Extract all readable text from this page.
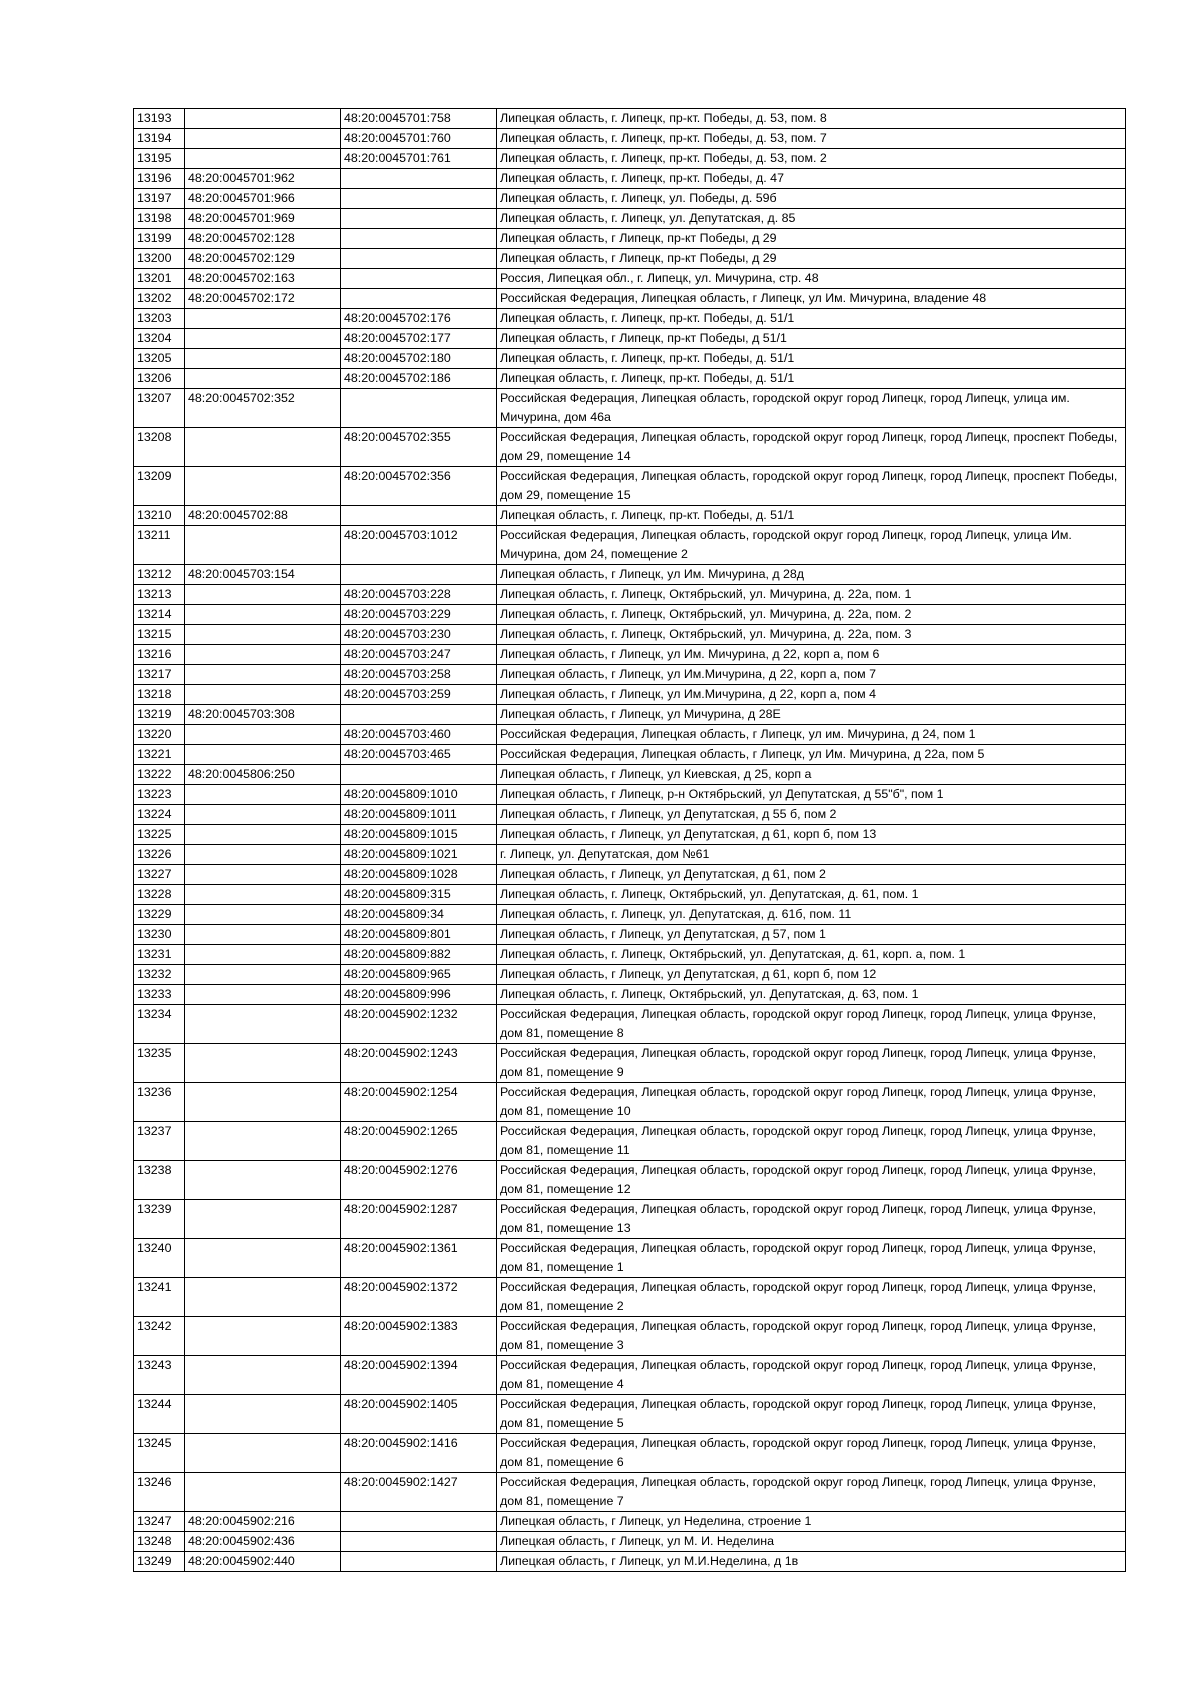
13193		48:20:0045701:758	Липецкая область, г. Липецк, пр-кт. Победы, д. 53, пом. 8
13194		48:20:0045701:760	Липецкая область, г. Липецк, пр-кт. Победы, д. 53, пом. 7
13195		48:20:0045701:761	Липецкая область, г. Липецк, пр-кт. Победы, д. 53, пом. 2
13196	48:20:0045701:962		Липецкая область, г. Липецк, пр-кт. Победы, д. 47
13197	48:20:0045701:966		Липецкая область, г. Липецк, ул. Победы, д. 59б
13198	48:20:0045701:969		Липецкая область, г. Липецк, ул. Депутатская, д. 85
13199	48:20:0045702:128		Липецкая область, г Липецк, пр-кт Победы, д 29
13200	48:20:0045702:129		Липецкая область, г Липецк, пр-кт Победы, д 29
13201	48:20:0045702:163		Россия, Липецкая обл., г. Липецк, ул. Мичурина, стр. 48
13202	48:20:0045702:172		Российская Федерация, Липецкая область, г Липецк, ул Им. Мичурина, владение 48
13203		48:20:0045702:176	Липецкая область, г. Липецк, пр-кт. Победы, д. 51/1
13204		48:20:0045702:177	Липецкая область, г Липецк, пр-кт Победы, д 51/1
13205		48:20:0045702:180	Липецкая область, г. Липецк, пр-кт. Победы, д. 51/1
13206		48:20:0045702:186	Липецкая область, г. Липецк, пр-кт. Победы, д. 51/1
13207	48:20:0045702:352		Российская Федерация, Липецкая область, городской округ город Липецк, город Липецк, улица им. Мичурина, дом 46а
13208		48:20:0045702:355	Российская Федерация, Липецкая область, городской округ город Липецк, город Липецк, проспект Победы, дом 29, помещение 14
13209		48:20:0045702:356	Российская Федерация, Липецкая область, городской округ город Липецк, город Липецк, проспект Победы, дом 29, помещение 15
13210	48:20:0045702:88		Липецкая область, г. Липецк, пр-кт. Победы, д. 51/1
13211		48:20:0045703:1012	Российская Федерация, Липецкая область, городской округ город Липецк, город Липецк, улица Им. Мичурина, дом 24, помещение 2
13212	48:20:0045703:154		Липецкая область, г Липецк, ул Им. Мичурина, д 28д
13213		48:20:0045703:228	Липецкая область, г. Липецк, Октябрьский, ул. Мичурина, д. 22а, пом. 1
13214		48:20:0045703:229	Липецкая область, г. Липецк, Октябрьский, ул. Мичурина, д. 22а, пом. 2
13215		48:20:0045703:230	Липецкая область, г. Липецк, Октябрьский, ул. Мичурина, д. 22а, пом. 3
13216		48:20:0045703:247	Липецкая область, г Липецк, ул Им. Мичурина, д 22, корп а, пом 6
13217		48:20:0045703:258	Липецкая область, г Липецк, ул Им.Мичурина, д 22, корп а, пом 7
13218		48:20:0045703:259	Липецкая область, г Липецк, ул Им.Мичурина, д 22, корп а, пом 4
13219	48:20:0045703:308		Липецкая область, г Липецк, ул Мичурина, д 28Е
13220		48:20:0045703:460	Российская Федерация, Липецкая область, г Липецк, ул им. Мичурина, д 24, пом 1
13221		48:20:0045703:465	Российская Федерация, Липецкая область, г Липецк, ул Им. Мичурина, д 22а, пом 5
13222	48:20:0045806:250		Липецкая область, г Липецк, ул Киевская, д 25, корп а
13223		48:20:0045809:1010	Липецкая область, г Липецк, р-н Октябрьский, ул Депутатская, д 55"б", пом 1
13224		48:20:0045809:1011	Липецкая область, г Липецк, ул Депутатская, д 55 б, пом 2
13225		48:20:0045809:1015	Липецкая область, г Липецк, ул Депутатская, д 61, корп б, пом 13
13226		48:20:0045809:1021	г. Липецк, ул. Депутатская, дом №61
13227		48:20:0045809:1028	Липецкая область, г Липецк, ул Депутатская, д 61, пом 2
13228		48:20:0045809:315	Липецкая область, г. Липецк, Октябрьский, ул. Депутатская, д. 61, пом. 1
13229		48:20:0045809:34	Липецкая область, г. Липецк, ул. Депутатская, д. 61б, пом. 11
13230		48:20:0045809:801	Липецкая область, г Липецк, ул Депутатская, д 57, пом 1
13231		48:20:0045809:882	Липецкая область, г. Липецк, Октябрьский, ул. Депутатская, д. 61, корп. а, пом. 1
13232		48:20:0045809:965	Липецкая область, г Липецк, ул Депутатская, д 61, корп б, пом 12
13233		48:20:0045809:996	Липецкая область, г. Липецк, Октябрьский, ул. Депутатская, д. 63, пом. 1
13234		48:20:0045902:1232	Российская Федерация, Липецкая область, городской округ город Липецк, город Липецк, улица Фрунзе, дом 81, помещение 8
13235		48:20:0045902:1243	Российская Федерация, Липецкая область, городской округ город Липецк, город Липецк, улица Фрунзе, дом 81, помещение 9
13236		48:20:0045902:1254	Российская Федерация, Липецкая область, городской округ город Липецк, город Липецк, улица Фрунзе, дом 81, помещение 10
13237		48:20:0045902:1265	Российская Федерация, Липецкая область, городской округ город Липецк, город Липецк, улица Фрунзе, дом 81, помещение 11
13238		48:20:0045902:1276	Российская Федерация, Липецкая область, городской округ город Липецк, город Липецк, улица Фрунзе, дом 81, помещение 12
13239		48:20:0045902:1287	Российская Федерация, Липецкая область, городской округ город Липецк, город Липецк, улица Фрунзе, дом 81, помещение 13
13240		48:20:0045902:1361	Российская Федерация, Липецкая область, городской округ город Липецк, город Липецк, улица Фрунзе, дом 81, помещение 1
13241		48:20:0045902:1372	Российская Федерация, Липецкая область, городской округ город Липецк, город Липецк, улица Фрунзе, дом 81, помещение 2
13242		48:20:0045902:1383	Российская Федерация, Липецкая область, городской округ город Липецк, город Липецк, улица Фрунзе, дом 81, помещение 3
13243		48:20:0045902:1394	Российская Федерация, Липецкая область, городской округ город Липецк, город Липецк, улица Фрунзе, дом 81, помещение 4
13244		48:20:0045902:1405	Российская Федерация, Липецкая область, городской округ город Липецк, город Липецк, улица Фрунзе, дом 81, помещение 5
13245		48:20:0045902:1416	Российская Федерация, Липецкая область, городской округ город Липецк, город Липецк, улица Фрунзе, дом 81, помещение 6
13246		48:20:0045902:1427	Российская Федерация, Липецкая область, городской округ город Липецк, город Липецк, улица Фрунзе, дом 81, помещение 7
13247	48:20:0045902:216		Липецкая область, г Липецк, ул Неделина, строение 1
13248	48:20:0045902:436		Липецкая область, г Липецк, ул М. И. Неделина
13249	48:20:0045902:440		Липецкая область, г Липецк, ул М.И.Неделина, д 1в
